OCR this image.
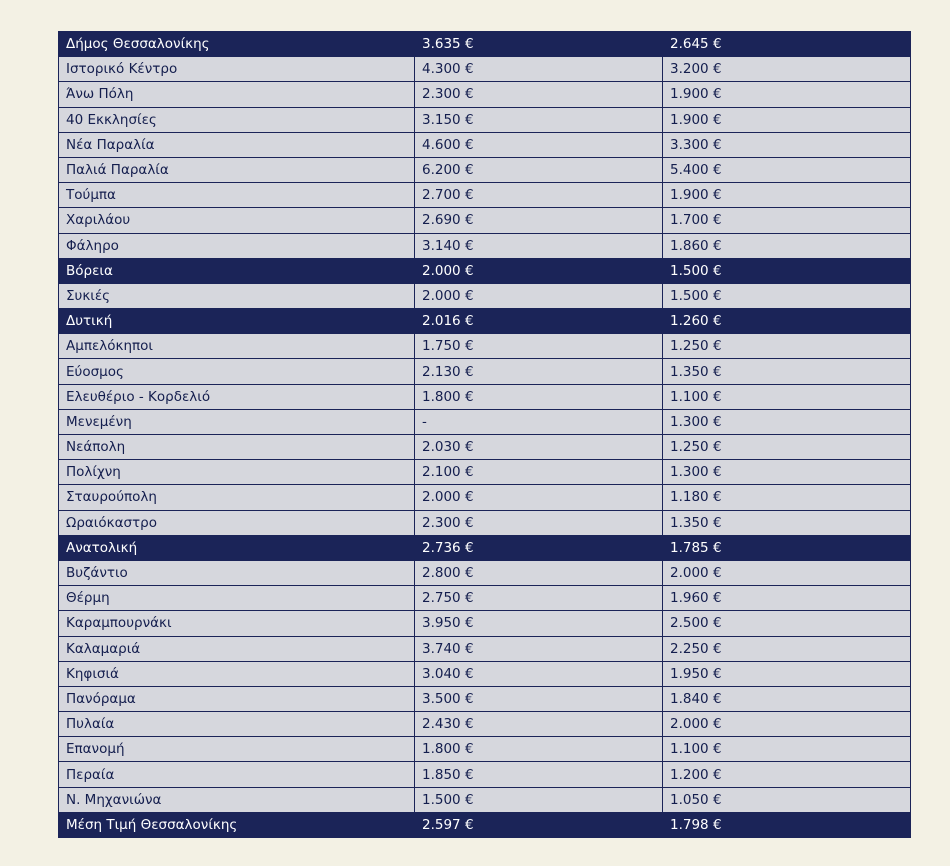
Δήμος Θεσσαλονίκης	3.635 €	2.645 €
Ιστορικό Κέντρο	4.300 €	3.200 €
Άνω Πόλη	2.300 €	1.900 €
40 Εκκλησίες	3.150 €	1.900 €
Νέα Παραλία	4.600 €	3.300 €
Παλιά Παραλία	6.200 €	5.400 €
Τούμπα	2.700 €	1.900 €
Χαριλάου	2.690 €	1.700 €
Φάληρο	3.140 €	1.860 €
Βόρεια	2.000 €	1.500 €
Συκιές	2.000 €	1.500 €
Δυτική	2.016 €	1.260 €
Αμπελόκηποι	1.750 €	1.250 €
Εύοσμος	2.130 €	1.350 €
Ελευθέριο - Κορδελιό	1.800 €	1.100 €
Μενεμένη	-	1.300 €
Νεάπολη	2.030 €	1.250 €
Πολίχνη	2.100 €	1.300 €
Σταυρούπολη	2.000 €	1.180 €
Ωραιόκαστρο	2.300 €	1.350 €
Ανατολική	2.736 €	1.785 €
Βυζάντιο	2.800 €	2.000 €
Θέρμη	2.750 €	1.960 €
Καραμπουρνάκι	3.950 €	2.500 €
Καλαμαριά	3.740 €	2.250 €
Κηφισιά	3.040 €	1.950 €
Πανόραμα	3.500 €	1.840 €
Πυλαία	2.430 €	2.000 €
Επανομή	1.800 €	1.100 €
Περαία	1.850 €	1.200 €
Ν. Μηχανιώνα	1.500 €	1.050 €
Μέση Τιμή Θεσσαλονίκης	2.597 €	1.798 €
